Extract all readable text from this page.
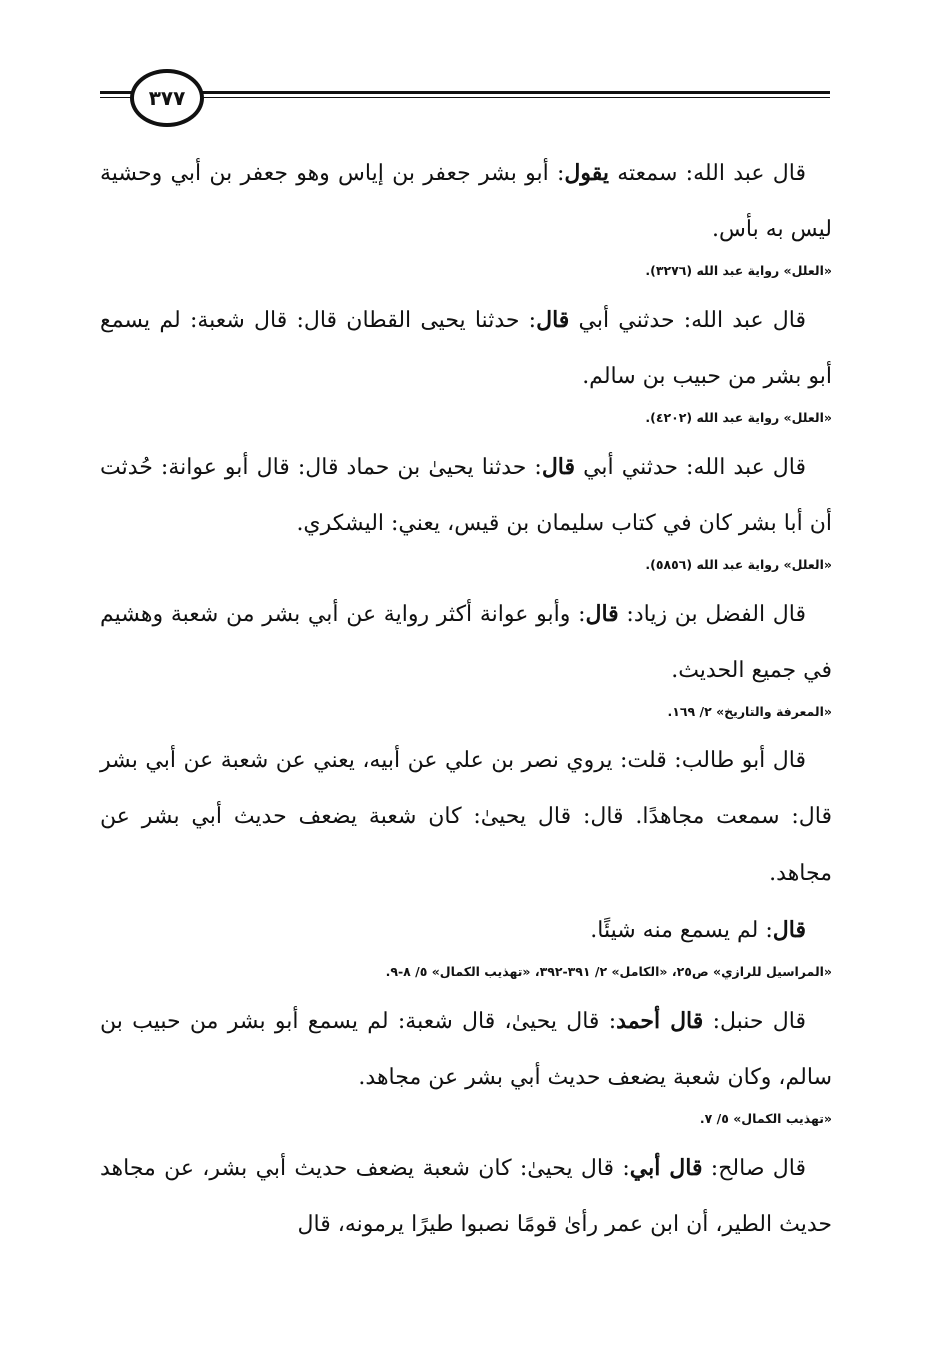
٣٧٧

قال عبد الله: سمعته يقول: أبو بشر جعفر بن إياس وهو جعفر بن أبي وحشية ليس به بأس.

«العلل» رواية عبد الله (٣٢٧٦).

قال عبد الله: حدثني أبي قال: حدثنا يحيى القطان قال: قال شعبة: لم يسمع أبو بشر من حبيب بن سالم.

«العلل» رواية عبد الله (٤٢٠٢).

قال عبد الله: حدثني أبي قال: حدثنا يحيىٰ بن حماد قال: قال أبو عوانة: حُدثت أن أبا بشر كان في كتاب سليمان بن قيس، يعني: اليشكري.

«العلل» رواية عبد الله (٥٨٥٦).

قال الفضل بن زياد: قال: وأبو عوانة أكثر رواية عن أبي بشر من شعبة وهشيم في جميع الحديث.

«المعرفة والتاريخ» ٢/ ١٦٩.

قال أبو طالب: قلت: يروي نصر بن علي عن أبيه، يعني عن شعبة عن أبي بشر قال: سمعت مجاهدًا. قال: قال يحيىٰ: كان شعبة يضعف حديث أبي بشر عن مجاهد.

قال: لم يسمع منه شيئًا.

«المراسيل للرازي» ص٢٥، «الكامل» ٢/ ٣٩١-٣٩٢، «تهذيب الكمال» ٥/ ٨-٩.

قال حنبل: قال أحمد: قال يحيىٰ، قال شعبة: لم يسمع أبو بشر من حبيب بن سالم، وكان شعبة يضعف حديث أبي بشر عن مجاهد.

«تهذيب الكمال» ٥/ ٧.

قال صالح: قال أبي: قال يحيىٰ: كان شعبة يضعف حديث أبي بشر، عن مجاهد حديث الطير، أن ابن عمر رأىٰ قومًا نصبوا طيرًا يرمونه، قال
